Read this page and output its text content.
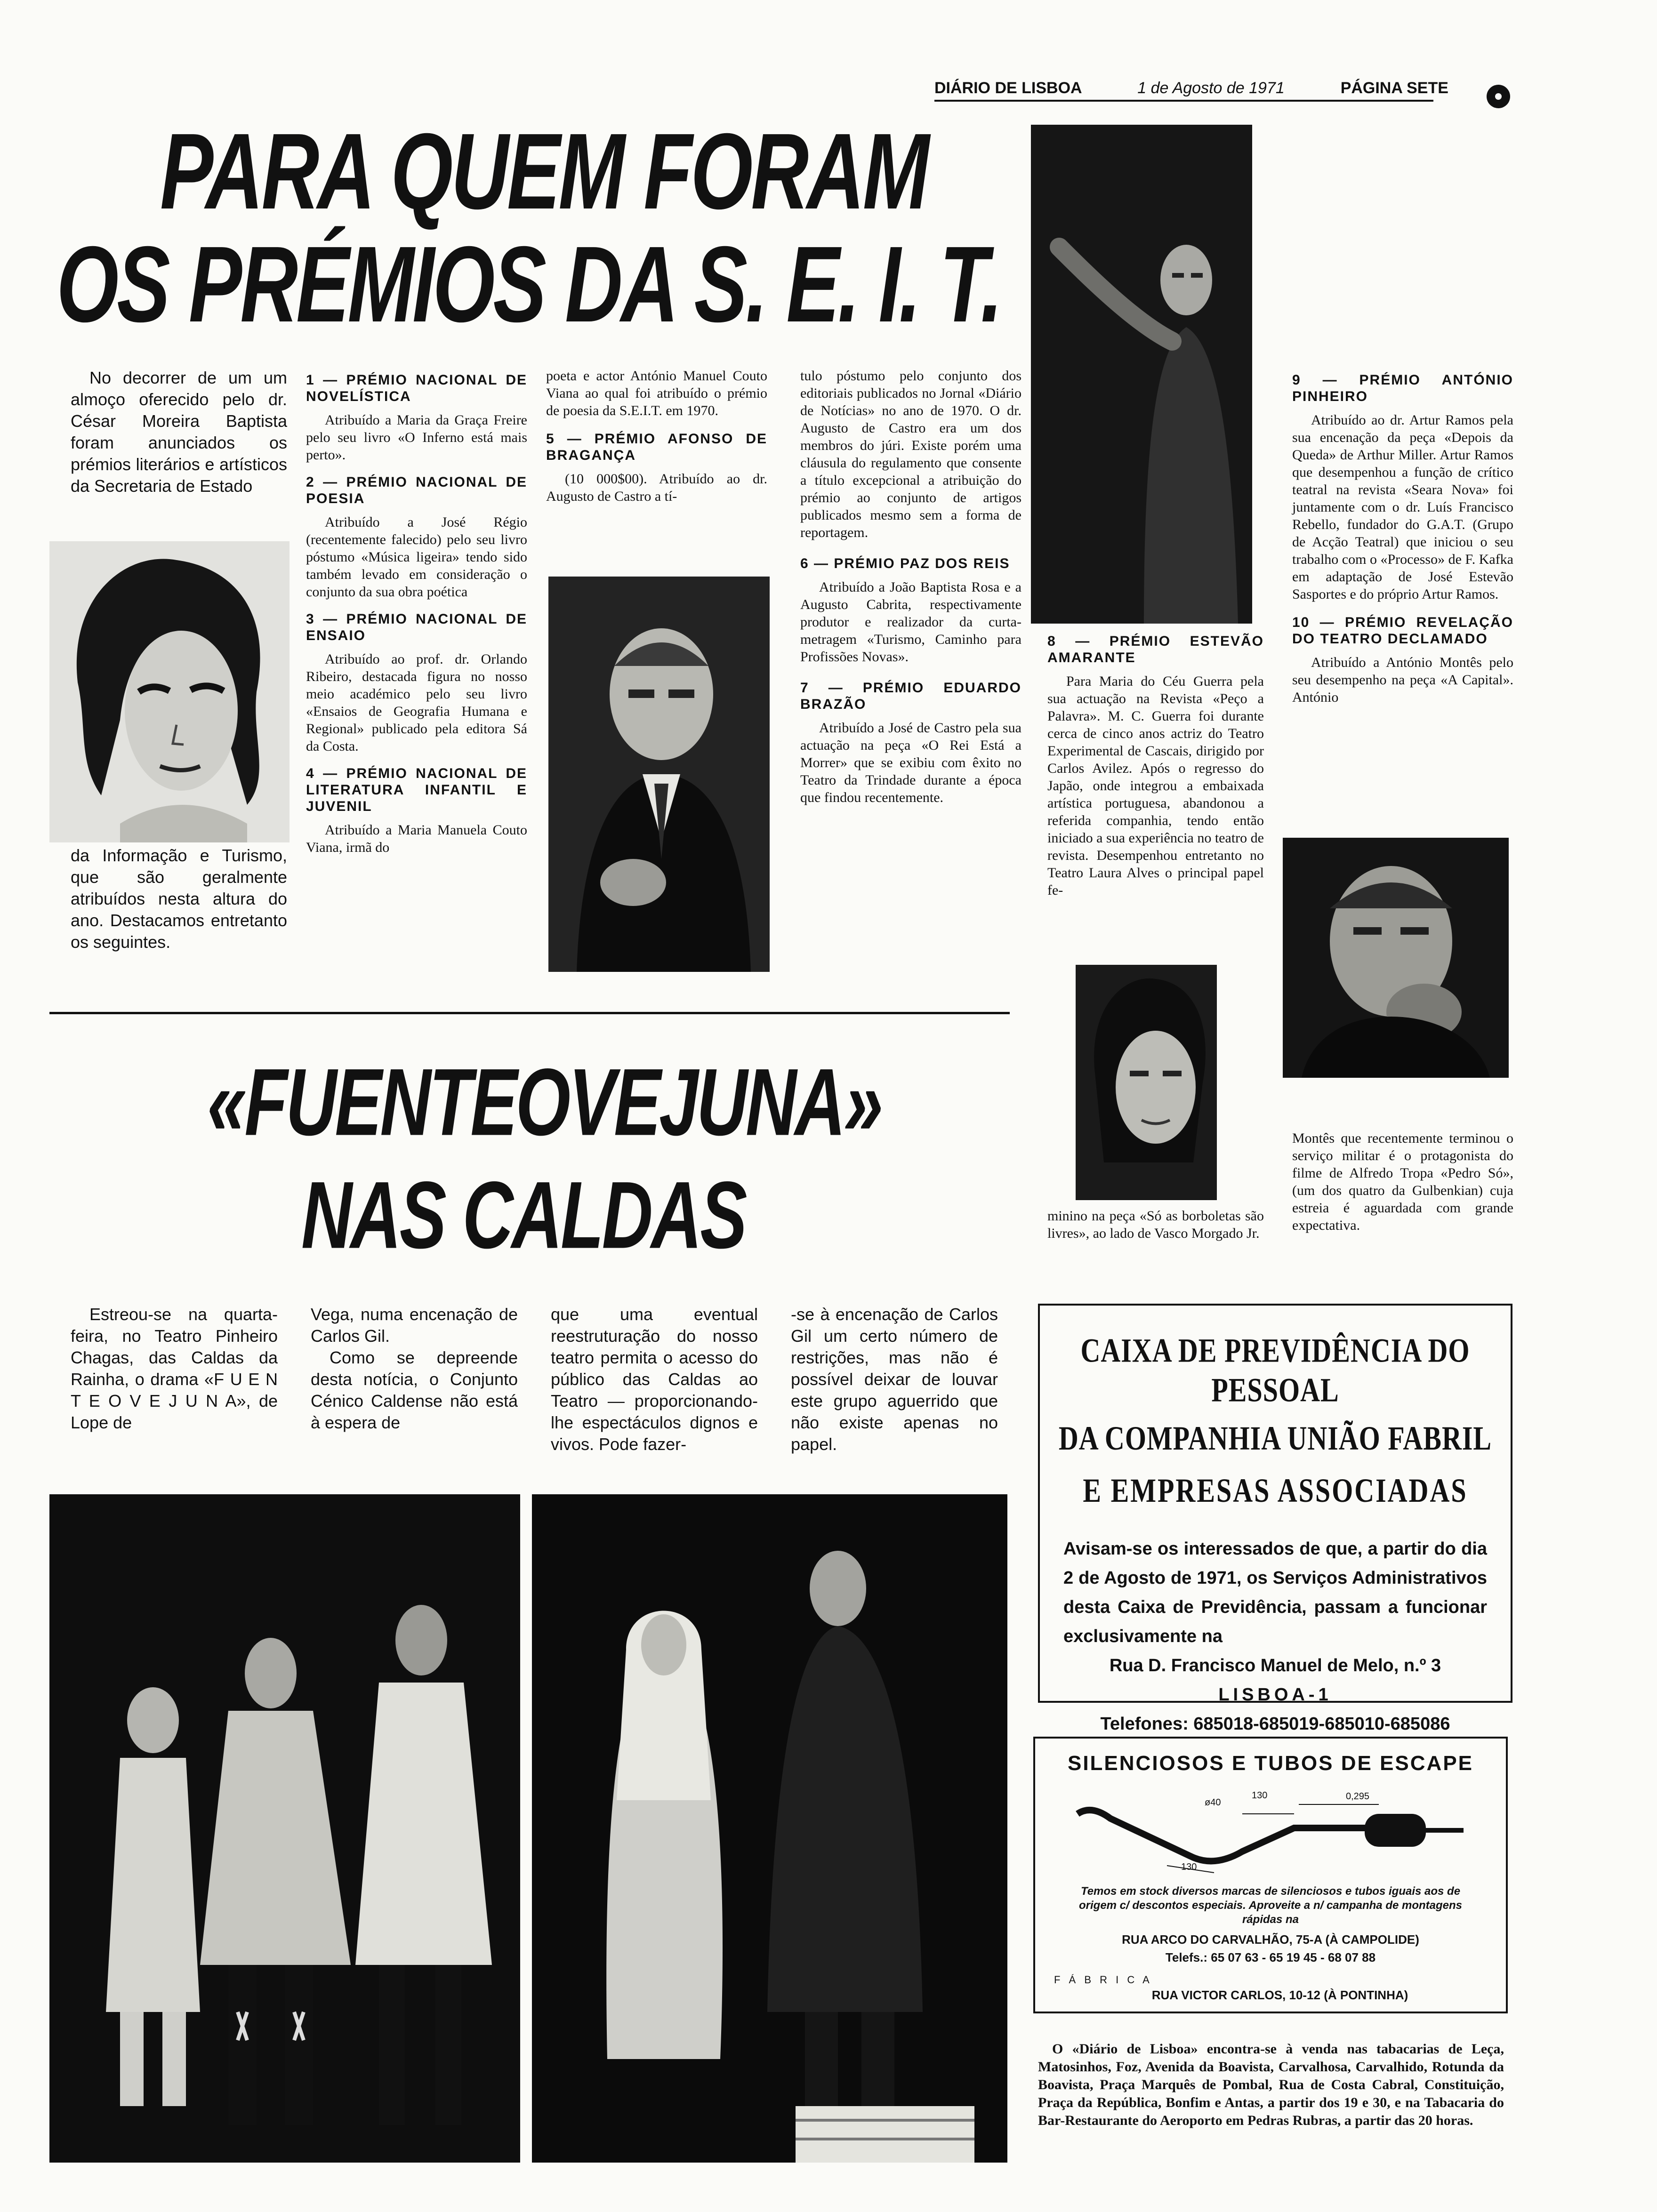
DIÁRIO DE LISBOA	1 de Agosto de 1971	PÁGINA SETE
PARA QUEM FORAM
OS PRÉMIOS DA S. E. I. T.

No decorrer de um um almoço oferecido pelo dr. César Moreira Baptista foram anunciados os prémios literários e artísticos da Secretaria de Estado

da Informação e Turismo, que são geralmente atribuídos nesta altura do ano. Destacamos entretanto os seguintes.

1 — PRÉMIO NACIONAL DE NOVELÍSTICA

Atribuído a Maria da Graça Freire pelo seu livro «O Inferno está mais perto».

2 — PRÉMIO NACIONAL DE POESIA

Atribuído a José Régio (recentemente falecido) pelo seu livro póstumo «Música ligeira» tendo sido também levado em consideração o conjunto da sua obra poética

3 — PRÉMIO NACIONAL DE ENSAIO

Atribuído ao prof. dr. Orlando Ribeiro, destacada figura no nosso meio académico pelo seu livro «Ensaios de Geografia Humana e Regional» publicado pela editora Sá da Costa.

4 — PRÉMIO NACIONAL DE LITERATURA INFANTIL E JUVENIL

Atribuído a Maria Manuela Couto Viana, irmã do

poeta e actor António Manuel Couto Viana ao qual foi atribuído o prémio de poesia da S.E.I.T. em 1970.

5 — PRÉMIO AFONSO DE BRAGANÇA

(10 000$00). Atribuído ao dr. Augusto de Castro a tí-

tulo póstumo pelo conjunto dos editoriais publicados no Jornal «Diário de Notícias» no ano de 1970. O dr. Augusto de Castro era um dos membros do júri. Existe porém uma cláusula do regulamento que consente a título excepcional a atribuição do prémio ao conjunto de artigos publicados mesmo sem a forma de reportagem.

6 — PRÉMIO PAZ DOS REIS

Atribuído a João Baptista Rosa e a Augusto Cabrita, respectivamente produtor e realizador da curta-metragem «Turismo, Caminho para Profissões Novas».

7 — PRÉMIO EDUARDO BRAZÃO

Atribuído a José de Castro pela sua actuação na peça «O Rei Está a Morrer» que se exibiu com êxito no Teatro da Trindade durante a época que findou recentemente.

8 — PRÉMIO ESTEVÃO AMARANTE

Para Maria do Céu Guerra pela sua actuação na Revista «Peço a Palavra». M. C. Guerra foi durante cerca de cinco anos actriz do Teatro Experimental de Cascais, dirigido por Carlos Avilez. Após o regresso do Japão, onde integrou a embaixada artística portuguesa, abandonou a referida companhia, tendo então iniciado a sua experiência no teatro de revista. Desempenhou entretanto no Teatro Laura Alves o principal papel fe-

minino na peça «Só as borboletas são livres», ao lado de Vasco Morgado Jr.

9 — PRÉMIO ANTÓNIO PINHEIRO

Atribuído ao dr. Artur Ramos pela sua encenação da peça «Depois da Queda» de Arthur Miller. Artur Ramos que desempenhou a função de crítico teatral na revista «Seara Nova» foi juntamente com o dr. Luís Francisco Rebello, fundador do G.A.T. (Grupo de Acção Teatral) que iniciou o seu trabalho com o «Processo» de F. Kafka em adaptação de José Estevão Sasportes e do próprio Artur Ramos.

10 — PRÉMIO REVELAÇÃO DO TEATRO DECLAMADO

Atribuído a António Montês pelo seu desempenho na peça «A Capital». António

Montês que recentemente terminou o serviço militar é o protagonista do filme de Alfredo Tropa «Pedro Só», (um dos quatro da Gulbenkian) cuja estreia é aguardada com grande expectativa.

«FUENTEOVEJUNA»
NAS CALDAS

Estreou-se na quarta-feira, no Teatro Pinheiro Chagas, das Caldas da Rainha, o drama «F U E N T E O V E J U N A», de Lope de

Vega, numa encenação de Carlos Gil.

Como se depreende desta notícia, o Conjunto Cénico Caldense não está à espera de

que uma eventual reestruturação do nosso teatro permita o acesso do público das Caldas ao Teatro — proporcionando-lhe espectáculos dignos e vivos. Pode fazer-

-se à encenação de Carlos Gil um certo número de restrições, mas não é possível deixar de louvar este grupo aguerrido que não existe apenas no papel.

CAIXA DE PREVIDÊNCIA DO PESSOAL
DA COMPANHIA UNIÃO FABRIL
E EMPRESAS ASSOCIADAS
Avisam-se os interessados de que, a partir do dia 2 de Agosto de 1971, os Serviços Administrativos desta Caixa de Previdência, passam a funcionar exclusivamente na
Rua D. Francisco Manuel de Melo, n.º 3
LISBOA-1
Telefones: 685018-685019-685010-685086
SILENCIOSOS E TUBOS DE ESCAPE
ø40
130	0,295
130
Temos em stock diversos marcas de silenciosos e tubos iguais aos de origem c/ descontos especiais. Aproveite a n/ campanha de montagens rápidas na
RUA ARCO DO CARVALHÃO, 75-A (À CAMPOLIDE)
Telefs.: 65 07 63 - 65 19 45 - 68 07 88
F Á B R I C A
RUA VICTOR CARLOS, 10-12 (À PONTINHA)
O «Diário de Lisboa» encontra-se à venda nas tabacarias de Leça, Matosinhos, Foz, Avenida da Boavista, Carvalhosa, Carvalhido, Rotunda da Boavista, Praça Marquês de Pombal, Rua de Costa Cabral, Constituição, Praça da República, Bonfim e Antas, a partir dos 19 e 30, e na Tabacaria do Bar-Restaurante do Aeroporto em Pedras Rubras, a partir das 20 horas.
